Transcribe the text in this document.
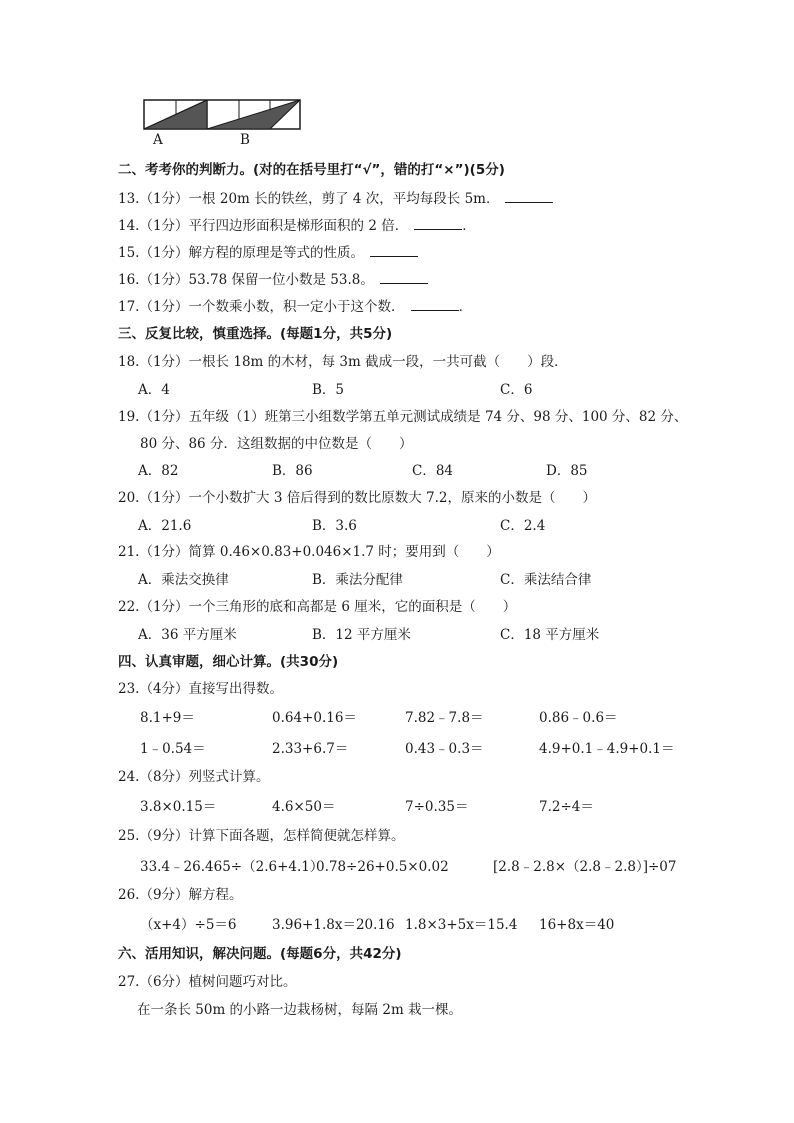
A	B
二、考考你的判断力。(对的在括号里打“√”，错的打“×”)(5分)
13.（1分）一根 20m 长的铁丝，剪了 4 次，平均每段长 5m．
14.（1分）平行四边形面积是梯形面积的 2 倍．	．
15.（1分）解方程的原理是等式的性质。
16.（1分）53.78 保留一位小数是 53.8。
17.（1分）一个数乘小数，积一定小于这个数．	．
三、反复比较，慎重选择。(每题1分，共5分)
18.（1分）一根长 18m 的木材，每 3m 截成一段，一共可截（　　）段．
A．4	B．5	C．6
19.（1分）五年级（1）班第三小组数学第五单元测试成绩是 74 分、98 分、100 分、82 分、
80 分、86 分．这组数据的中位数是（　　）
A．82	B．86	C．84	D．85
20.（1分）一个小数扩大 3 倍后得到的数比原数大 7.2，原来的小数是（　　）
A．21.6	B．3.6	C．2.4
21.（1分）简算 0.46×0.83+0.046×1.7 时；要用到（　　）
A．乘法交换律	B．乘法分配律	C．乘法结合律
22.（1分）一个三角形的底和高都是 6 厘米，它的面积是（　　）
A．36 平方厘米	B．12 平方厘米	C．18 平方厘米
四、认真审题，细心计算。(共30分)
23.（4分）直接写出得数。
8.1+9＝	0.64+0.16＝	7.82﹣7.8＝	0.86﹣0.6＝
1﹣0.54＝	2.33+6.7＝	0.43﹣0.3＝	4.9+0.1﹣4.9+0.1＝
24.（8分）列竖式计算。
3.8×0.15＝	4.6×50＝	7÷0.35＝	7.2÷4＝
25.（9分）计算下面各题，怎样简便就怎样算。
33.4﹣26.465÷（2.6+4.1）
0.78÷26+0.5×0.02	[2.8﹣2.8×（2.8﹣2.8）]÷07
26.（9分）解方程。
（x+4）÷5＝6	3.96+1.8x＝20.16 1.8×3+5x＝15.4 16+8x＝40
六、活用知识，解决问题。(每题6分，共42分)
27.（6分）植树问题巧对比。
在一条长 50m 的小路一边栽杨树，每隔 2m 栽一棵。
